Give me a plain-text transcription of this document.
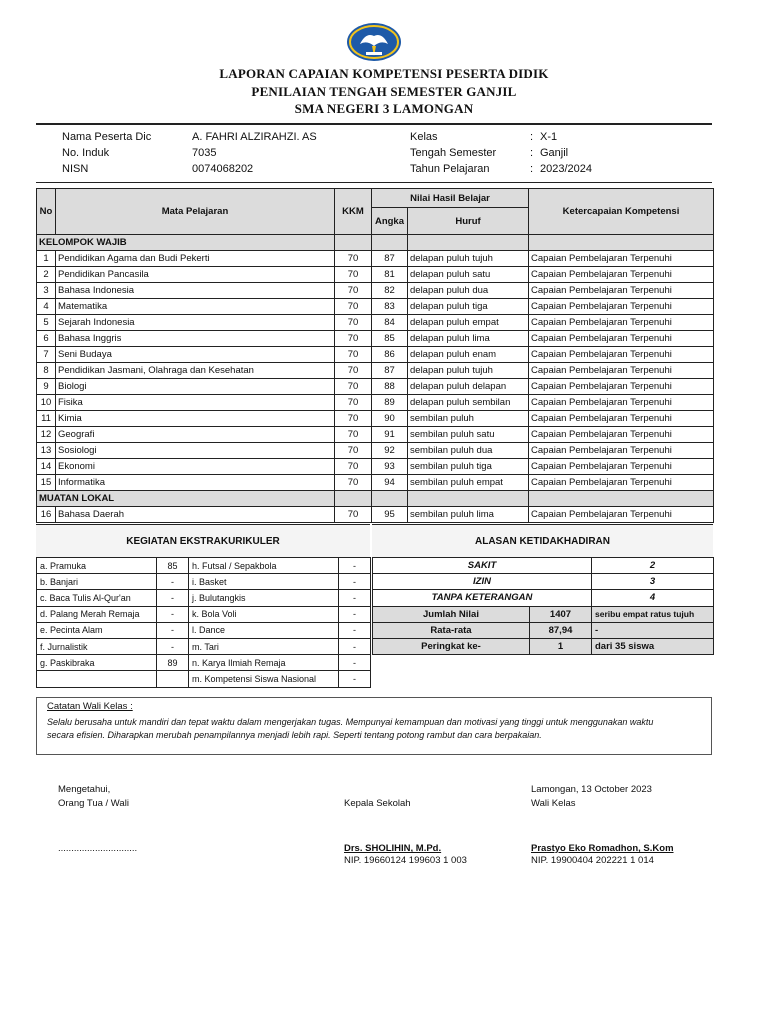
LAPORAN CAPAIAN KOMPETENSI PESERTA DIDIK
PENILAIAN TENGAH SEMESTER GANJIL
SMA NEGERI 3 LAMONGAN
Nama Peserta Dic	A. FAHRI ALZIRAHZI. AS
No. Induk	7035
NISN	0074068202
Kelas	: X-1
Tengah Semester	: Ganjil
Tahun Pelajaran	: 2023/2024
No	Mata Pelajaran	KKM	Nilai Hasil Belajar		Ketercapaian Kompetensi
			Angka	Huruf	
KELOMPOK WAJIB					
1	Pendidikan Agama dan Budi Pekerti	70	87	delapan puluh tujuh	Capaian Pembelajaran Terpenuhi
2	Pendidikan Pancasila	70	81	delapan puluh satu	Capaian Pembelajaran Terpenuhi
3	Bahasa Indonesia	70	82	delapan puluh dua	Capaian Pembelajaran Terpenuhi
4	Matematika	70	83	delapan puluh tiga	Capaian Pembelajaran Terpenuhi
5	Sejarah Indonesia	70	84	delapan puluh empat	Capaian Pembelajaran Terpenuhi
6	Bahasa Inggris	70	85	delapan puluh lima	Capaian Pembelajaran Terpenuhi
7	Seni Budaya	70	86	delapan puluh enam	Capaian Pembelajaran Terpenuhi
8	Pendidikan Jasmani, Olahraga dan Kesehatan	70	87	delapan puluh tujuh	Capaian Pembelajaran Terpenuhi
9	Biologi	70	88	delapan puluh delapan	Capaian Pembelajaran Terpenuhi
10	Fisika	70	89	delapan puluh sembilan	Capaian Pembelajaran Terpenuhi
11	Kimia	70	90	sembilan puluh	Capaian Pembelajaran Terpenuhi
12	Geografi	70	91	sembilan puluh satu	Capaian Pembelajaran Terpenuhi
13	Sosiologi	70	92	sembilan puluh dua	Capaian Pembelajaran Terpenuhi
14	Ekonomi	70	93	sembilan puluh tiga	Capaian Pembelajaran Terpenuhi
15	Informatika	70	94	sembilan puluh empat	Capaian Pembelajaran Terpenuhi
MUATAN LOKAL					
16	Bahasa Daerah	70	95	sembilan puluh lima	Capaian Pembelajaran Terpenuhi
KEGIATAN EKSTRAKURIKULER	ALASAN KETIDAKHADIRAN
a. Pramuka	85	h. Futsal / Sepakbola	-
b. Banjari	-	i. Basket	-
c. Baca Tulis Al-Qur'an	-	j. Bulutangkis	-
d. Palang Merah Remaja	-	k. Bola Voli	-
e. Pecinta Alam	-	l. Dance	-
f. Jurnalistik	-	m. Tari	-
g. Paskibraka	89	n. Karya Ilmiah Remaja	-
		m. Kompetensi Siswa Nasional	-
SAKIT		2
IZIN		3
TANPA KETERANGAN		4
Jumlah Nilai	1407	seribu empat ratus tujuh

Rata-rata	87,94	-
Peringkat ke-	1	dari 35 siswa
Catatan Wali Kelas :
Selalu berusaha untuk mandiri dan tepat waktu dalam mengerjakan tugas. Mempunyai kemampuan dan motivasi yang tinggi untuk menggunakan waktu
secara efisien. Diharapkan merubah penampilannya menjadi lebih rapi. Seperti tentang potong rambut dan cara berpakaian.
Mengetahui,
Orang Tua / Wali
..............................
Kepala Sekolah
Drs. SHOLIHIN, M.Pd.
NIP. 19660124 199603 1 003
Lamongan, 13 October 2023
Wali Kelas
Prastyo Eko Romadhon, S.Kom
NIP. 19900404 202221 1 014
